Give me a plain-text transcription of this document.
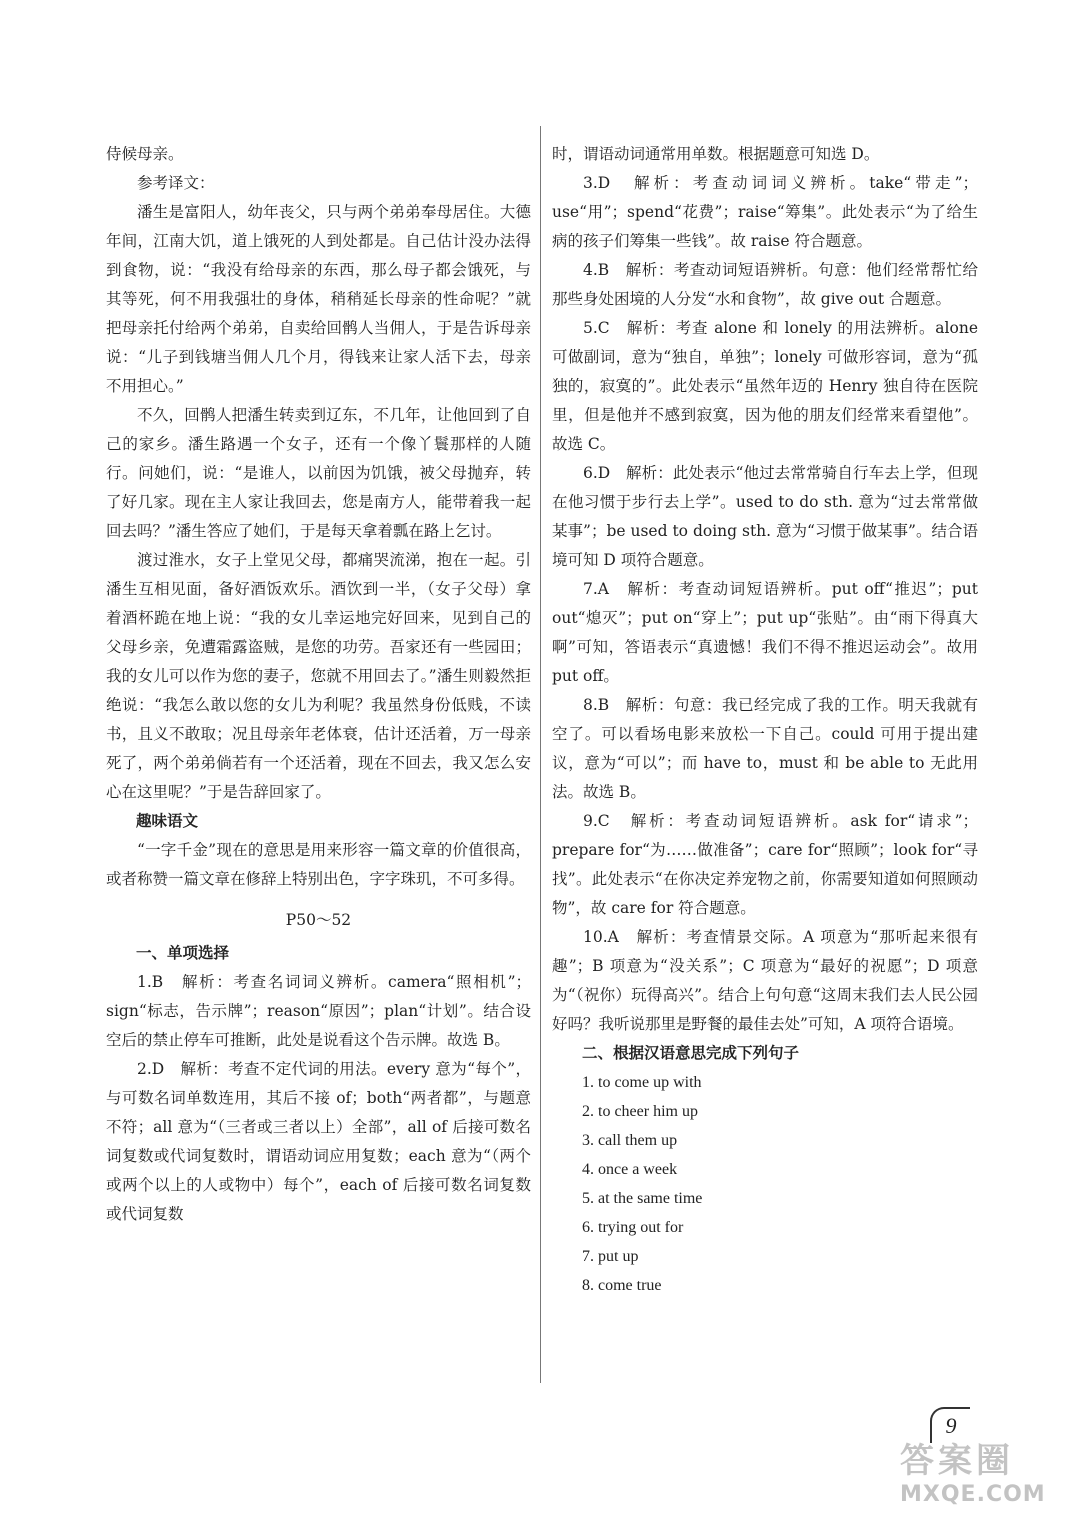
侍候母亲。

参考译文：

潘生是富阳人，幼年丧父，只与两个弟弟奉母居住。大德年间，江南大饥，道上饿死的人到处都是。自己估计没办法得到食物，说：“我没有给母亲的东西，那么母子都会饿死，与其等死，何不用我强壮的身体，稍稍延长母亲的性命呢？”就把母亲托付给两个弟弟，自卖给回鹘人当佣人，于是告诉母亲说：“儿子到钱塘当佣人几个月，得钱来让家人活下去，母亲不用担心。”

不久，回鹘人把潘生转卖到辽东，不几年，让他回到了自己的家乡。潘生路遇一个女子，还有一个像丫鬟那样的人随行。问她们，说：“是谁人，以前因为饥饿，被父母抛弃，转了好几家。现在主人家让我回去，您是南方人，能带着我一起回去吗？”潘生答应了她们，于是每天拿着瓢在路上乞讨。

渡过淮水，女子上堂见父母，都痛哭流涕，抱在一起。引潘生互相见面，备好酒饭欢乐。酒饮到一半，（女子父母）拿着酒杯跪在地上说：“我的女儿幸运地完好回来，见到自己的父母乡亲，免遭霜露盗贼，是您的功劳。吾家还有一些园田；我的女儿可以作为您的妻子，您就不用回去了。”潘生则毅然拒绝说：“我怎么敢以您的女儿为利呢？我虽然身份低贱，不读书，且义不敢取；况且母亲年老体衰，估计还活着，万一母亲死了，两个弟弟倘若有一个还活着，现在不回去，我又怎么安心在这里呢？”于是告辞回家了。

趣味语文

“一字千金”现在的意思是用来形容一篇文章的价值很高，或者称赞一篇文章在修辞上特别出色，字字珠玑，不可多得。

P50～52

一、单项选择

1.B　解析：考查名词词义辨析。camera“照相机”；sign“标志，告示牌”；reason“原因”；plan“计划”。结合设空后的禁止停车可推断，此处是说看这个告示牌。故选 B。

2.D　解析：考查不定代词的用法。every 意为“每个”，与可数名词单数连用，其后不接 of；both“两者都”，与题意不符；all 意为“（三者或三者以上）全部”，all of 后接可数名词复数或代词复数时，谓语动词应用复数；each 意为“（两个或两个以上的人或物中）每个”，each of 后接可数名词复数或代词复数

时，谓语动词通常用单数。根据题意可知选 D。

3.D　解析：考查动词词义辨析。take“带走”；use“用”；spend“花费”；raise“筹集”。此处表示“为了给生病的孩子们筹集一些钱”。故 raise 符合题意。

4.B　解析：考查动词短语辨析。句意：他们经常帮忙给那些身处困境的人分发“水和食物”，故 give out 合题意。

5.C　解析：考查 alone 和 lonely 的用法辨析。alone 可做副词，意为“独自，单独”；lonely 可做形容词，意为“孤独的，寂寞的”。此处表示“虽然年迈的 Henry 独自待在医院里，但是他并不感到寂寞，因为他的朋友们经常来看望他”。故选 C。

6.D　解析：此处表示“他过去常常骑自行车去上学，但现在他习惯于步行去上学”。used to do sth. 意为“过去常常做某事”；be used to doing sth. 意为“习惯于做某事”。结合语境可知 D 项符合题意。

7.A　解析：考查动词短语辨析。put off“推迟”；put out“熄灭”；put on“穿上”；put up“张贴”。由“雨下得真大啊”可知，答语表示“真遗憾！我们不得不推迟运动会”。故用 put off。

8.B　解析：句意：我已经完成了我的工作。明天我就有空了。可以看场电影来放松一下自己。could 可用于提出建议，意为“可以”；而 have to，must 和 be able to 无此用法。故选 B。

9.C　解析：考查动词短语辨析。ask for“请求”；prepare for“为……做准备”；care for“照顾”；look for“寻找”。此处表示“在你决定养宠物之前，你需要知道如何照顾动物”，故 care for 符合题意。

10.A　解析：考查情景交际。A 项意为“那听起来很有趣”；B 项意为“没关系”；C 项意为“最好的祝愿”；D 项意为“（祝你）玩得高兴”。结合上句句意“这周末我们去人民公园好吗？我听说那里是野餐的最佳去处”可知，A 项符合语境。

二、根据汉语意思完成下列句子

1. to come up with

2. to cheer him up

3. call them up

4. once a week

5. at the same time

6. trying out for

7. put up

8. come true

9
答案圈
MXQE.COM
